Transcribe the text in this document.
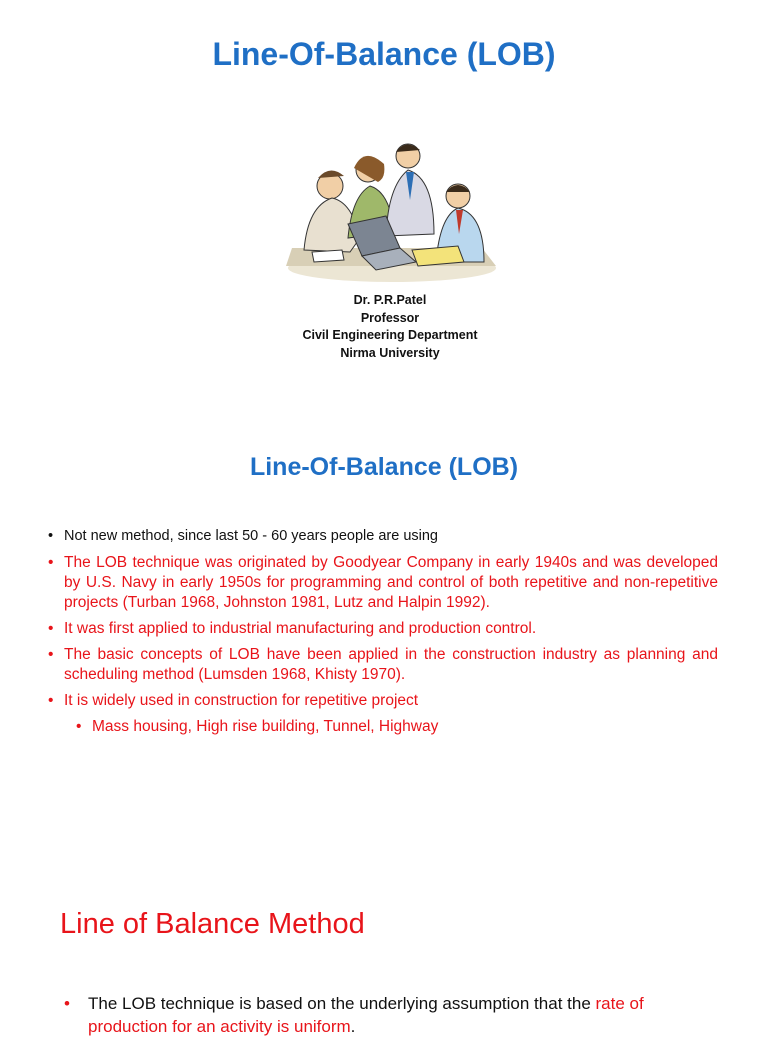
Line-Of-Balance (LOB)
Dr. P.R.Patel
Professor
Civil Engineering Department
Nirma University
Line-Of-Balance (LOB)
• Not new method, since last 50 - 60 years people are using
• The LOB technique was originated by Goodyear Company in early 1940s and was developed by U.S. Navy in early 1950s for programming and control of both repetitive and non-repetitive projects (Turban 1968, Johnston 1981, Lutz and Halpin 1992).
• It was first applied to industrial manufacturing and production control.
• The basic concepts of LOB have been applied in the construction industry as planning and scheduling method (Lumsden 1968, Khisty 1970).
• It is widely used in construction for repetitive project
• Mass housing, High rise building, Tunnel, Highway
Line of Balance Method
•	The LOB technique is based on the underlying assumption that the rate of production for an activity is uniform.
